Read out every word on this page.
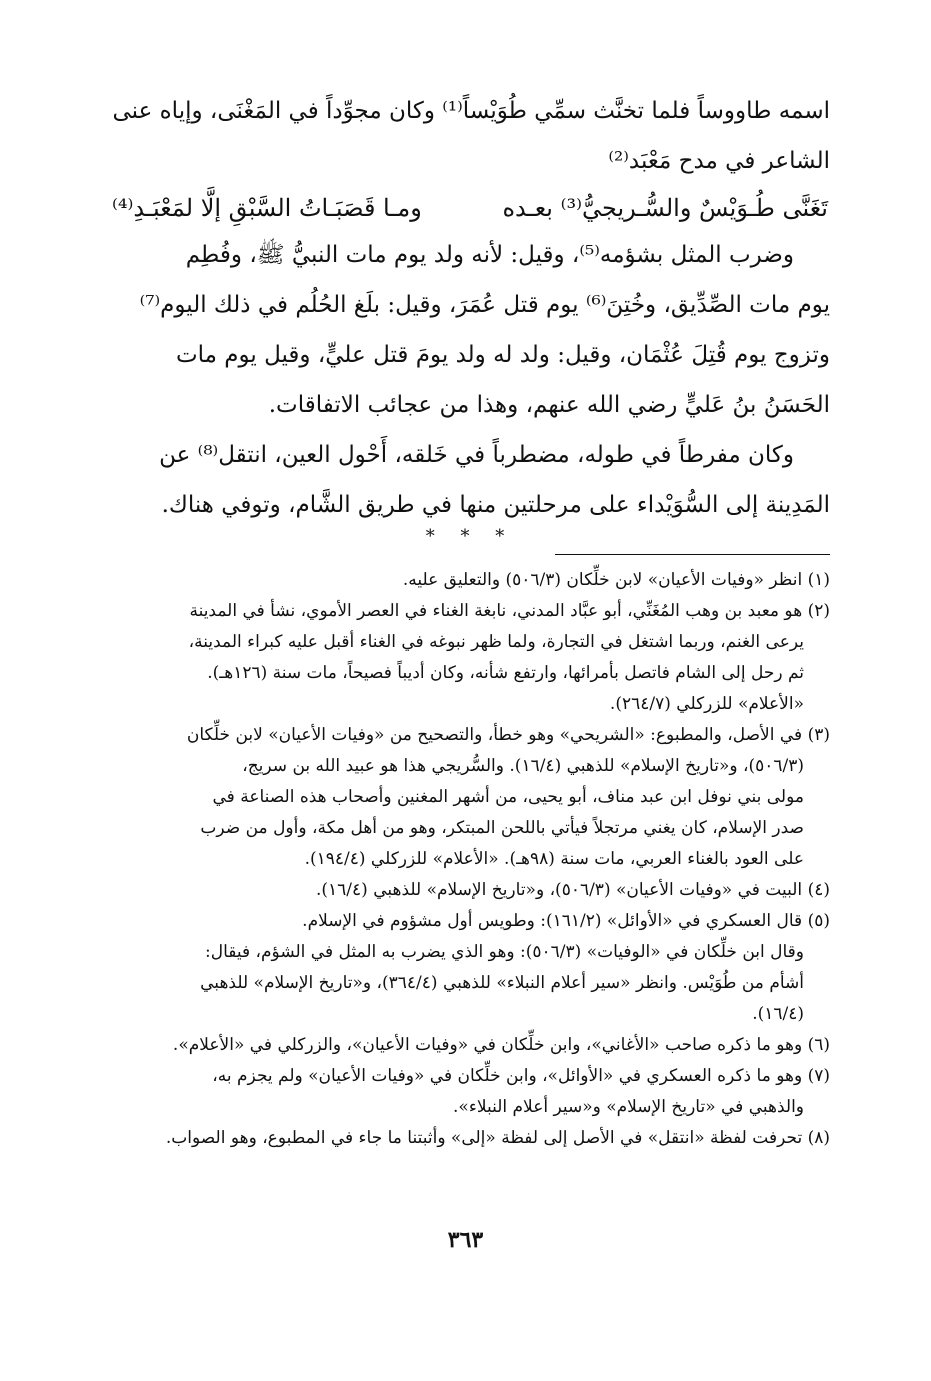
اسمه طاووساً فلما تخنَّث سمِّي طُوَيْساً⁽¹⁾ وكان مجوِّداً في المَغْنَى، وإياه عنى
الشاعر في مدح مَعْبَد⁽²⁾
تَغَنَّى طُـوَيْسٌ والسُّـريجيُّ⁽³⁾ بعـده
ومـا قَصَبَـاتُ السَّبْقِ إلَّا لمَعْبَـدِ⁽⁴⁾
وضرب المثل بشؤمه⁽⁵⁾، وقيل: لأنه ولد يوم مات النبيُّ ﷺ، وفُطِم
يوم مات الصِّدِّيق، وخُتِنَ⁽⁶⁾ يوم قتل عُمَرَ، وقيل: بلَغ الحُلُم في ذلك اليوم⁽⁷⁾
وتزوج يوم قُتِلَ عُثْمَان، وقيل: ولد له ولد يومَ قتل عليٍّ، وقيل يوم مات
الحَسَنُ بنُ عَليٍّ رضي الله عنهم، وهذا من عجائب الاتفاقات.
وكان مفرطاً في طوله، مضطرباً في خَلقه، أَحْول العين، انتقل⁽⁸⁾ عن
المَدِينة إلى السُّوَيْداء على مرحلتين منها في طريق الشَّام، وتوفي هناك.
* * *
(١) انظر «وفيات الأعيان» لابن خلِّكان (٥٠٦/٣) والتعليق عليه.
(٢) هو معبد بن وهب المُغَنِّي، أبو عبَّاد المدني، نابغة الغناء في العصر الأموي، نشأ في المدينة
يرعى الغنم، وربما اشتغل في التجارة، ولما ظهر نبوغه في الغناء أقبل عليه كبراء المدينة،
ثم رحل إلى الشام فاتصل بأمرائها، وارتفع شأنه، وكان أديباً فصيحاً، مات سنة (١٢٦هـ).
«الأعلام» للزركلي (٢٦٤/٧).
(٣) في الأصل، والمطبوع: «الشريحي» وهو خطأ، والتصحيح من «وفيات الأعيان» لابن خلِّكان
(٥٠٦/٣)، و«تاريخ الإسلام» للذهبي (١٦/٤). والسُّريجي هذا هو عبيد الله بن سريج،
مولى بني نوفل ابن عبد مناف، أبو يحيى، من أشهر المغنين وأصحاب هذه الصناعة في
صدر الإسلام، كان يغني مرتجلاً فيأتي باللحن المبتكر، وهو من أهل مكة، وأول من ضرب
على العود بالغناء العربي، مات سنة (٩٨هـ). «الأعلام» للزركلي (١٩٤/٤).
(٤) البيت في «وفيات الأعيان» (٥٠٦/٣)، و«تاريخ الإسلام» للذهبي (١٦/٤).
(٥) قال العسكري في «الأوائل» (١٦١/٢): وطويس أول مشؤوم في الإسلام.
وقال ابن خلِّكان في «الوفيات» (٥٠٦/٣): وهو الذي يضرب به المثل في الشؤم، فيقال:
أشأم من طُوَيْس. وانظر «سير أعلام النبلاء» للذهبي (٣٦٤/٤)، و«تاريخ الإسلام» للذهبي
(١٦/٤).
(٦) وهو ما ذكره صاحب «الأغاني»، وابن خلِّكان في «وفيات الأعيان»، والزركلي في «الأعلام».
(٧) وهو ما ذكره العسكري في «الأوائل»، وابن خلِّكان في «وفيات الأعيان» ولم يجزم به،
والذهبي في «تاريخ الإسلام» و«سير أعلام النبلاء».
(٨) تحرفت لفظة «انتقل» في الأصل إلى لفظة «إلى» وأثبتنا ما جاء في المطبوع، وهو الصواب.
٣٦٣
